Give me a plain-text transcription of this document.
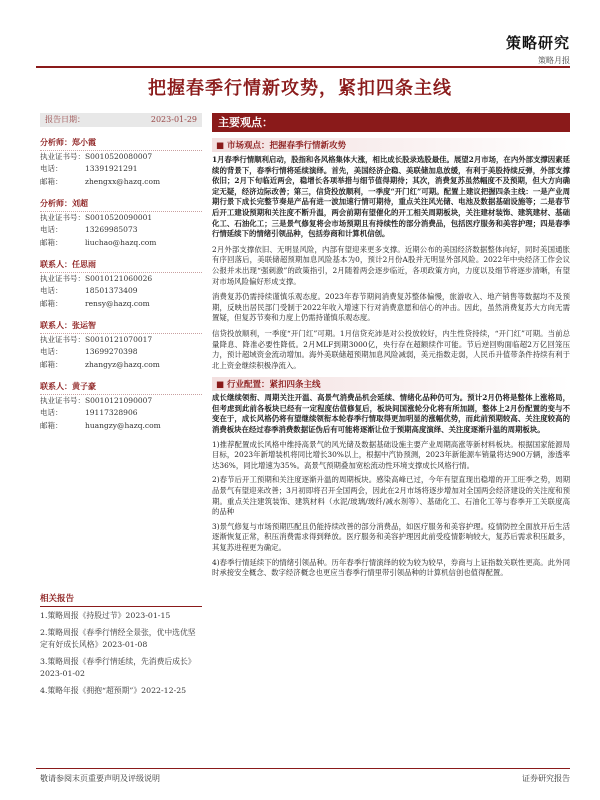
策略研究
策略月报
把握春季行情新攻势，紧扣四条主线
报告日期：	2023-01-29
分析师：郑小霞
执业证书号： S0010520080007
电话：	13391921291
邮箱：	zhengxx@hazq.com
分析师：刘超
执业证书号： S0010520090001
电话：	13269985073
邮箱：	liuchao@hazq.com
联系人：任思雨
执业证书号： S0010121060026
电话：	18501373409
邮箱：	rensy@hazq.com
联系人：张运智
执业证书号： S0010121070017
电话：	13699270398
邮箱：	zhangyz@hazq.com
联系人：黄子豪
执业证书号： S0010121090007
电话：	19117328906
邮箱：	huangzy@hazq.com
相关报告
1.策略周报《持股过节》2023-01-15
2.策略周报《春季行情经全景张，优中选优坚定有好成长风格》2023-01-08
3.策略周报《春季行情延续，先消费后成长》2023-01-02
4.策略年报《拥抱“超预期”》2022-12-25
主要观点：
■ 市场观点：把握春季行情新攻势
1月春季行情顺利启动，股指和各风格集体大涨，相比成长股录选股最佳。展望2月市场，在内外部支撑因素延续的背景下，春季行情将延续演绎。首先，美国经济企稳、美联储加息放缓，有利于美股持续反弹，外部支撑依旧；2月下旬临近两会，稳增长各项举措与细节值得期待；其次，消费复苏虽然幅度不及预期，但大方向确定无疑，经济边际改善；第三，信贷投放顺利，一季度“开门红”可期。配置上建议把握四条主线：一是产业周期行景下成长完整节奏是产品有进一波加速行情可期待，重点关注风光储、电池及数据基础设施等；二是春节后开工建设预期和关注度不断升温，两会前期有望催化的开工相关周期板块，关注建材装饰、建筑建材、基础化工、石油化工；三是景气修复将会市场预期且有持续性的部分消费品，包括医疗服务和美容护理；四是春季行情延续下的情绪引领品种，包括券商和计算机信创。
2月外部支撑依旧、无明显风险，内部有望迎来更多支撑。近期公布的美国经济数据整体向好，同时美国通胀有序回落后，美联储超预期加息风险基本为0，预计2月份A股并无明显外部风险。2022年中央经济工作会议公报并未出现“强刺激”的政策指引，2月随着两会逐步临近，各项政策方向，力度以及细节将逐步清晰，有望对市场风险偏好形成支撑。
消费复苏仍需持续谨慎乐观态度。2023年春节期间消费复苏整体偏慢，旅游收入、地产销售等数据均不及预期，反映出居民部门受制于2022年收入增速下行对消费意愿和信心的冲击。因此，虽然消费复苏大方向无需置疑，但复苏节奏和力度上仍需持谨慎乐观态度。
信贷投放顺利，一季度“开门红”可期。1月信贷充沛是对公投放较好，内生性贷持续，“开门红”可期。当前总量降息、降准必要性降低。2月MLF到期3000亿，央行存在超额续作可能。节后逆回购面临超2万亿回笼压力，预计超域资金流动增加。海外美联储超预期加息风险减弱，美元指数走弱，人民币升值带条件持续有利于北上资金继续积极净流入。
■ 行业配置：紧扣四条主线
成长继续领衔、周期关注开温、高景气消费品机会延续、情绪化品种仍可为。预计2月仍将是整体上涨格局，但考虑到此前各板块已经有一定程度估值修复后，板块间国涨轮分化将有所加剧，整体上2月份配置的变与不变在于，成长风格仍将有望继续领衔本轮春季行情取得更加明显的涨幅优势，而此前预期较高、关注度较高的消费板块在经过春季消费数据证伪后有可能将逐渐让位于预期高度演绎、关注度逐渐升温的周期板块。
1)推荐配置成长风格中维持高景气的风光储及数据基础设施主要产业周期高涨等新材料板块。根据国家能源局目标，2023年新增装机将同比增长30%以上，根据中汽协预测，2023年新能源车销量将达900万辆，渗透率达36%，同比增速为35%。高景气预期叠加宽松流动性环境支撑成长风格行情。
2)春节后开工预期和关注度逐渐升温的周期板块。感染高峰已过，今年有望直现出稳增的开工旺季之势，周期品景气有望迎来改善；3月初即将召开全国两会，因此在2月市场将逐步增加对全国两会经济建设的关注度和预期。重点关注建筑装饰、建筑材料（水泥/玻璃/玻纤/减水剂等）、基础化工、石油化工等与春季开工关联度高的品种
3)景气修复与市场预期匹配且仍能持续改善的部分消费品，如医疗服务和美容护理。疫情防控全面放开后生活逐渐恢复正常，积压消费需求得到释放。医疗服务和美容护理因此前受疫情影响较大，复苏后需求积压最多，其复苏进程更为确定。
4)春季行情延续下的情绪引领品种。历年春季行情演绎的较为较为较早，券商与上证指数关联性更高。此外同时承接安全概念、数字经济概念也更应当春季行情里带引领品种的计算机信创也值得配置。
敬请参阅末页重要声明及评级说明	证券研究报告
